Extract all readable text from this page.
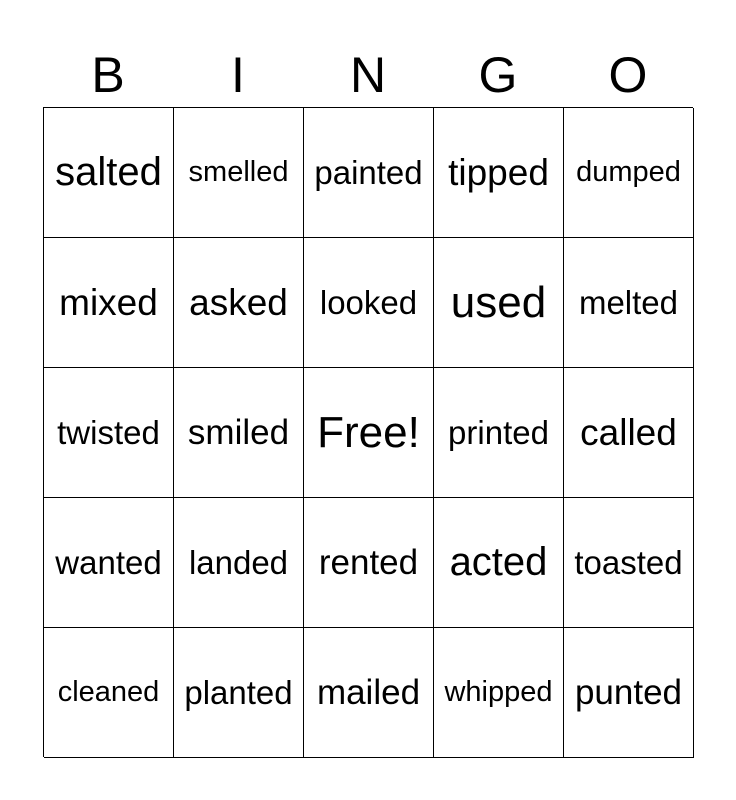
B	I	N	G	O
salted smelled painted tipped dumped
mixed asked looked used melted
twisted smiled Free! printed called
wanted landed rented acted toasted
cleaned planted mailed whipped punted
